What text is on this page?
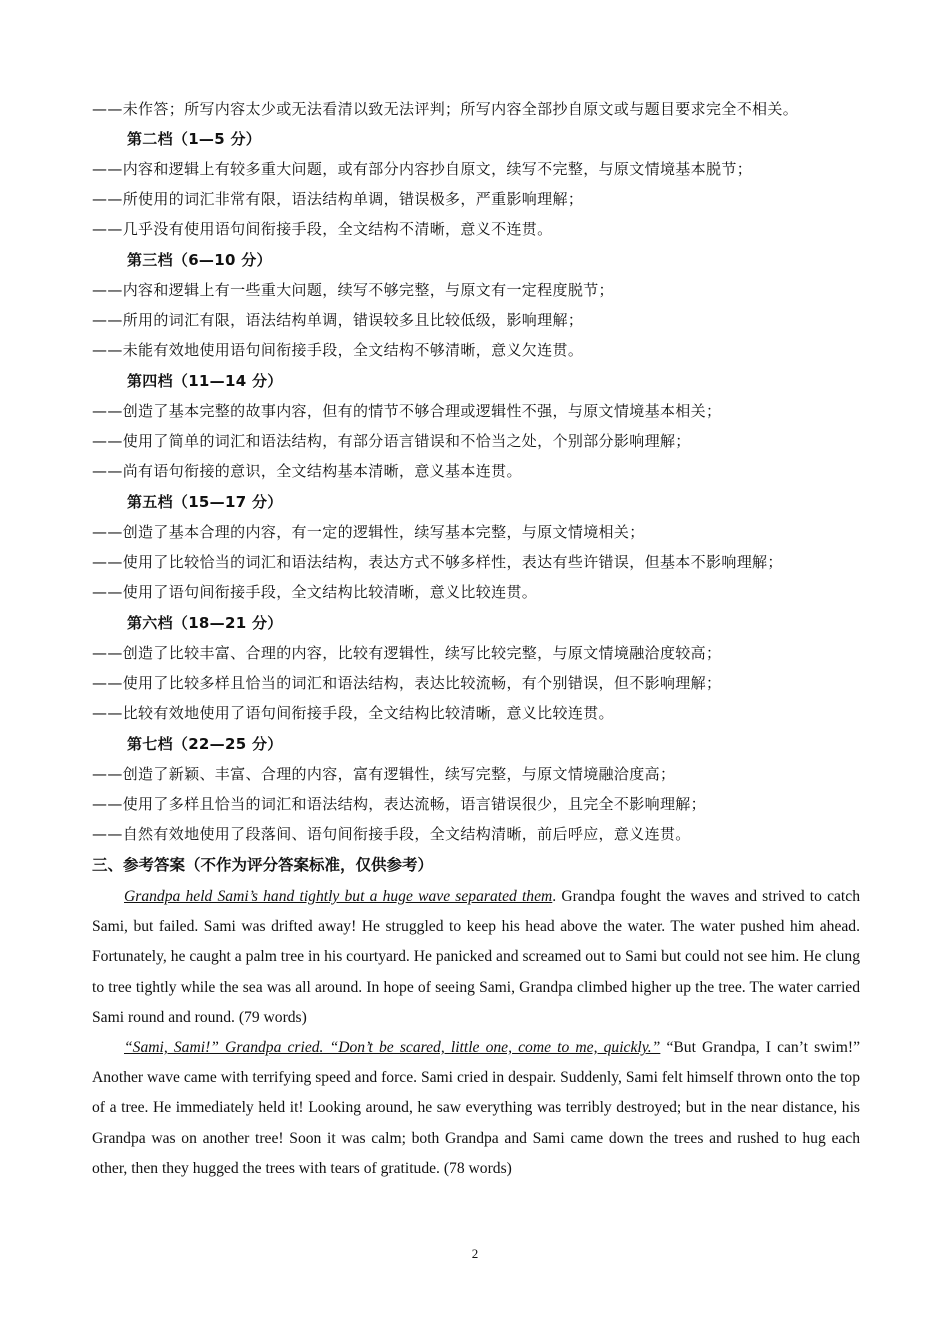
——未作答；所写内容太少或无法看清以致无法评判；所写内容全部抄自原文或与题目要求完全不相关。
第二档（1—5 分）
——内容和逻辑上有较多重大问题，或有部分内容抄自原文，续写不完整，与原文情境基本脱节；
——所使用的词汇非常有限，语法结构单调，错误极多，严重影响理解；
——几乎没有使用语句间衔接手段，全文结构不清晰，意义不连贯。
第三档（6—10 分）
——内容和逻辑上有一些重大问题，续写不够完整，与原文有一定程度脱节；
——所用的词汇有限，语法结构单调，错误较多且比较低级，影响理解；
——未能有效地使用语句间衔接手段，全文结构不够清晰，意义欠连贯。
第四档（11—14 分）
——创造了基本完整的故事内容，但有的情节不够合理或逻辑性不强，与原文情境基本相关；
——使用了简单的词汇和语法结构，有部分语言错误和不恰当之处，个别部分影响理解；
——尚有语句衔接的意识，全文结构基本清晰，意义基本连贯。
第五档（15—17 分）
——创造了基本合理的内容，有一定的逻辑性，续写基本完整，与原文情境相关；
——使用了比较恰当的词汇和语法结构，表达方式不够多样性，表达有些许错误，但基本不影响理解；
——使用了语句间衔接手段，全文结构比较清晰，意义比较连贯。
第六档（18—21 分）
——创造了比较丰富、合理的内容，比较有逻辑性，续写比较完整，与原文情境融洽度较高；
——使用了比较多样且恰当的词汇和语法结构，表达比较流畅，有个别错误，但不影响理解；
——比较有效地使用了语句间衔接手段，全文结构比较清晰，意义比较连贯。
第七档（22—25 分）
——创造了新颖、丰富、合理的内容，富有逻辑性，续写完整，与原文情境融洽度高；
——使用了多样且恰当的词汇和语法结构，表达流畅，语言错误很少，且完全不影响理解；
——自然有效地使用了段落间、语句间衔接手段，全文结构清晰，前后呼应，意义连贯。
三、参考答案（不作为评分答案标准，仅供参考）

Grandpa held Sami’s hand tightly but a huge wave separated them. Grandpa fought the waves and strived to catch Sami, but failed. Sami was drifted away! He struggled to keep his head above the water. The water pushed him ahead. Fortunately, he caught a palm tree in his courtyard. He panicked and screamed out to Sami but could not see him. He clung to tree tightly while the sea was all around. In hope of seeing Sami, Grandpa climbed higher up the tree. The water carried Sami round and round. (79 words)

“Sami, Sami!” Grandpa cried. “Don’t be scared, little one, come to me, quickly.” “But Grandpa, I can’t swim!” Another wave came with terrifying speed and force. Sami cried in despair. Suddenly, Sami felt himself thrown onto the top of a tree. He immediately held it! Looking around, he saw everything was terribly destroyed; but in the near distance, his Grandpa was on another tree! Soon it was calm; both Grandpa and Sami came down the trees and rushed to hug each other, then they hugged the trees with tears of gratitude. (78 words)

2
